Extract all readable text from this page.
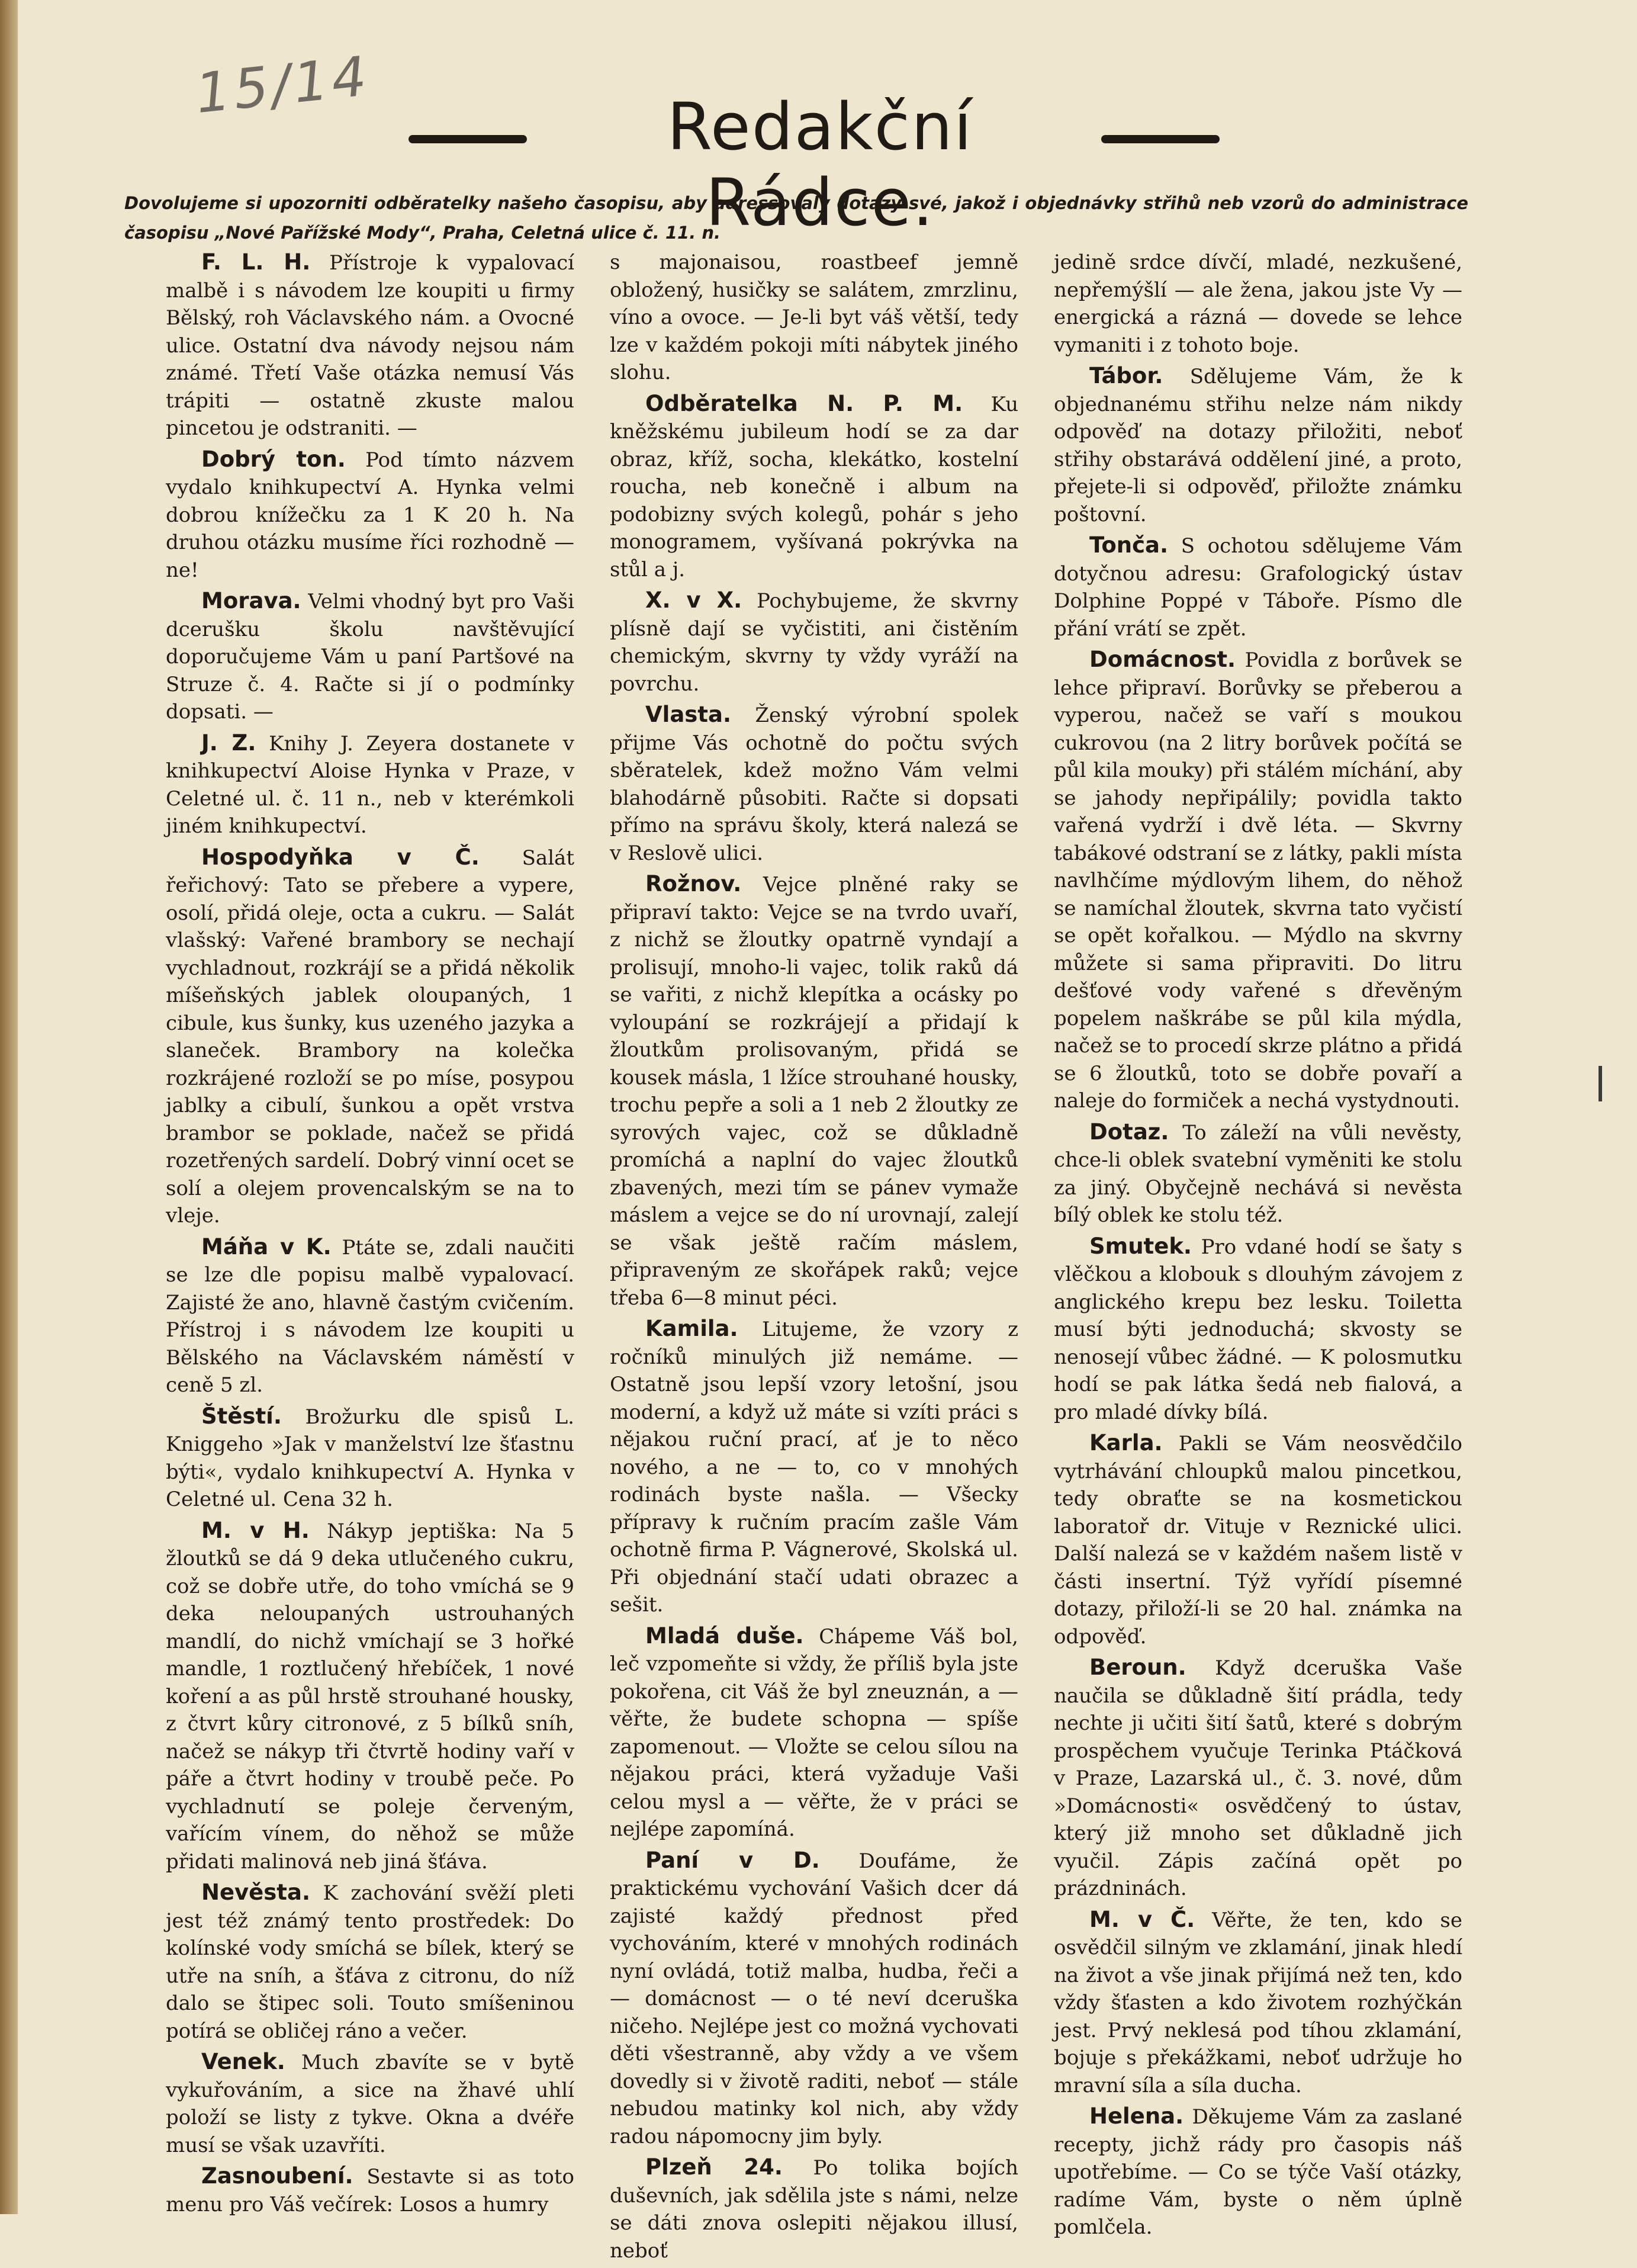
15/14
Redakční Rádce.
Dovolujeme si upozorniti odběratelky našeho časopisu, aby adressovaly dotazy své, jakož i objednávky střihů neb vzorů do administrace časopisu „Nové Pařížské Mody“, Praha, Celetná ulice č. 11. n.

F. L. H. Přístroje k vypalovací malbě i s návodem lze koupiti u firmy Bělský, roh Václavského nám. a Ovocné ulice. Ostatní dva návody nejsou nám známé. Třetí Vaše otázka nemusí Vás trápiti — ostatně zkuste malou pincetou je odstraniti. —

Dobrý ton. Pod tímto názvem vydalo knihkupectví A. Hynka velmi dobrou knížečku za 1 K 20 h. Na druhou otázku musíme říci rozhodně — ne!

Morava. Velmi vhodný byt pro Vaši dcerušku školu navštěvující doporučujeme Vám u paní Partšové na Struze č. 4. Račte si jí o podmínky dopsati. —

J. Z. Knihy J. Zeyera dostanete v knihkupectví Aloise Hynka v Praze, v Celetné ul. č. 11 n., neb v kterémkoli jiném knihkupectví.

Hospodyňka v Č. Salát řeřichový: Tato se přebere a vypere, osolí, přidá oleje, octa a cukru. — Salát vlašský: Vařené brambory se nechají vychladnout, rozkrájí se a přidá několik míšeňských jablek oloupaných, 1 cibule, kus šunky, kus uzeného jazyka a slaneček. Brambory na kolečka rozkrájené rozloží se po míse, posypou jablky a cibulí, šunkou a opět vrstva brambor se poklade, načež se přidá rozetřených sardelí. Dobrý vinní ocet se solí a olejem provencalským se na to vleje.

Máňa v K. Ptáte se, zdali naučiti se lze dle popisu malbě vypalovací. Zajisté že ano, hlavně častým cvičením. Přístroj i s návodem lze koupiti u Bělského na Václavském náměstí v ceně 5 zl.

Štěstí. Brožurku dle spisů L. Kniggeho »Jak v manželství lze šťastnu býti«, vydalo knihkupectví A. Hynka v Celetné ul. Cena 32 h.

M. v H. Nákyp jeptiška: Na 5 žloutků se dá 9 deka utlučeného cukru, což se dobře utře, do toho vmíchá se 9 deka neloupaných ustrouhaných mandlí, do nichž vmíchají se 3 hořké mandle, 1 roztlučený hřebíček, 1 nové koření a as půl hrstě strouhané housky, z čtvrt kůry citronové, z 5 bílků sníh, načež se nákyp tři čtvrtě hodiny vaří v páře a čtvrt hodiny v troubě peče. Po vychladnutí se poleje červeným, vařícím vínem, do něhož se může přidati malinová neb jiná šťáva.

Nevěsta. K zachování svěží pleti jest též známý tento prostředek: Do kolínské vody smíchá se bílek, který se utře na sníh, a šťáva z citronu, do níž dalo se štipec soli. Touto smíšeninou potírá se obličej ráno a večer.

Venek. Much zbavíte se v bytě vykuřováním, a sice na žhavé uhlí položí se listy z tykve. Okna a dvéře musí se však uzavříti.

Zasnoubení. Sestavte si as toto menu pro Váš večírek: Losos a humry

s majonaisou, roastbeef jemně obložený, husičky se salátem, zmrzlinu, víno a ovoce. — Je-li byt váš větší, tedy lze v každém pokoji míti nábytek jiného slohu.

Odběratelka N. P. M. Ku kněžskému jubileum hodí se za dar obraz, kříž, socha, klekátko, kostelní roucha, neb konečně i album na podobizny svých kolegů, pohár s jeho monogramem, vyšívaná pokrývka na stůl a j.

X. v X. Pochybujeme, že skvrny plísně dají se vyčistiti, ani čistěním chemickým, skvrny ty vždy vyráží na povrchu.

Vlasta. Ženský výrobní spolek přijme Vás ochotně do počtu svých sběratelek, kdež možno Vám velmi blahodárně působiti. Račte si dopsati přímo na správu školy, která nalezá se v Reslově ulici.

Rožnov. Vejce plněné raky se připraví takto: Vejce se na tvrdo uvaří, z nichž se žloutky opatrně vyndají a prolisují, mnoho-li vajec, tolik raků dá se vařiti, z nichž klepítka a ocásky po vyloupání se rozkrájejí a přidají k žloutkům prolisovaným, přidá se kousek másla, 1 lžíce strouhané housky, trochu pepře a soli a 1 neb 2 žloutky ze syrových vajec, což se důkladně promíchá a naplní do vajec žloutků zbavených, mezi tím se pánev vymaže máslem a vejce se do ní urovnají, zalejí se však ještě račím máslem, připraveným ze skořápek raků; vejce třeba 6—8 minut péci.

Kamila. Litujeme, že vzory z ročníků minulých již nemáme. — Ostatně jsou lepší vzory letošní, jsou moderní, a když už máte si vzíti práci s nějakou ruční prací, ať je to něco nového, a ne — to, co v mnohých rodinách byste našla. — Všecky přípravy k ručním pracím zašle Vám ochotně firma P. Vágnerové, Skolská ul. Při objednání stačí udati obrazec a sešit.

Mladá duše. Chápeme Váš bol, leč vzpomeňte si vždy, že příliš byla jste pokořena, cit Váš že byl zneuznán, a — věřte, že budete schopna — spíše zapomenout. — Vložte se celou sílou na nějakou práci, která vyžaduje Vaši celou mysl a — věřte, že v práci se nejlépe zapomíná.

Paní v D. Doufáme, že praktickému vychování Vašich dcer dá zajisté každý přednost před vychováním, které v mnohých rodinách nyní ovládá, totiž malba, hudba, řeči a — domácnost — o té neví dceruška ničeho. Nejlépe jest co možná vychovati děti všestranně, aby vždy a ve všem dovedly si v životě raditi, neboť — stále nebudou matinky kol nich, aby vždy radou nápomocny jim byly.

Plzeň 24. Po tolika bojích duševních, jak sdělila jste s námi, nelze se dáti znova oslepiti nějakou illusí, neboť

jedině srdce dívčí, mladé, nezkušené, nepřemýšlí — ale žena, jakou jste Vy — energická a rázná — dovede se lehce vymaniti i z tohoto boje.

Tábor. Sdělujeme Vám, že k objednanému střihu nelze nám nikdy odpověď na dotazy přiložiti, neboť střihy obstarává oddělení jiné, a proto, přejete-li si odpověď, přiložte známku poštovní.

Tonča. S ochotou sdělujeme Vám dotyčnou adresu: Grafologický ústav Dolphine Poppé v Táboře. Písmo dle přání vrátí se zpět.

Domácnost. Povidla z borůvek se lehce připraví. Borůvky se přeberou a vyperou, načež se vaří s moukou cukrovou (na 2 litry borůvek počítá se půl kila mouky) při stálém míchání, aby se jahody nepřipálily; povidla takto vařená vydrží i dvě léta. — Skvrny tabákové odstraní se z látky, pakli místa navlhčíme mýdlovým lihem, do něhož se namíchal žloutek, skvrna tato vyčistí se opět kořalkou. — Mýdlo na skvrny můžete si sama připraviti. Do litru dešťové vody vařené s dřevěným popelem naškrábe se půl kila mýdla, načež se to procedí skrze plátno a přidá se 6 žloutků, toto se dobře povaří a naleje do formiček a nechá vystydnouti.

Dotaz. To záleží na vůli nevěsty, chce-li oblek svatební vyměniti ke stolu za jiný. Obyčejně nechává si nevěsta bílý oblek ke stolu též.

Smutek. Pro vdané hodí se šaty s vlěčkou a klobouk s dlouhým závojem z anglického krepu bez lesku. Toiletta musí býti jednoduchá; skvosty se nenosejí vůbec žádné. — K polosmutku hodí se pak látka šedá neb fialová, a pro mladé dívky bílá.

Karla. Pakli se Vám neosvědčilo vytrhávání chloupků malou pincetkou, tedy obraťte se na kosmetickou laboratoř dr. Vituje v Reznické ulici. Další nalezá se v každém našem listě v části insertní. Týž vyřídí písemné dotazy, přiloží-li se 20 hal. známka na odpověď.

Beroun. Když dceruška Vaše naučila se důkladně šití prádla, tedy nechte ji učiti šití šatů, které s dobrým prospěchem vyučuje Terinka Ptáčková v Praze, Lazarská ul., č. 3. nové, dům »Domácnosti« osvědčený to ústav, který již mnoho set důkladně jich vyučil. Zápis začíná opět po prázdninách.

M. v Č. Věřte, že ten, kdo se osvědčil silným ve zklamání, jinak hledí na život a vše jinak přijímá než ten, kdo vždy šťasten a kdo životem rozhýčkán jest. Prvý neklesá pod tíhou zklamání, bojuje s překážkami, neboť udržuje ho mravní síla a síla ducha.

Helena. Děkujeme Vám za zaslané recepty, jichž rády pro časopis náš upotřebíme. — Co se týče Vaší otázky, radíme Vám, byste o něm úplně pomlčela.
